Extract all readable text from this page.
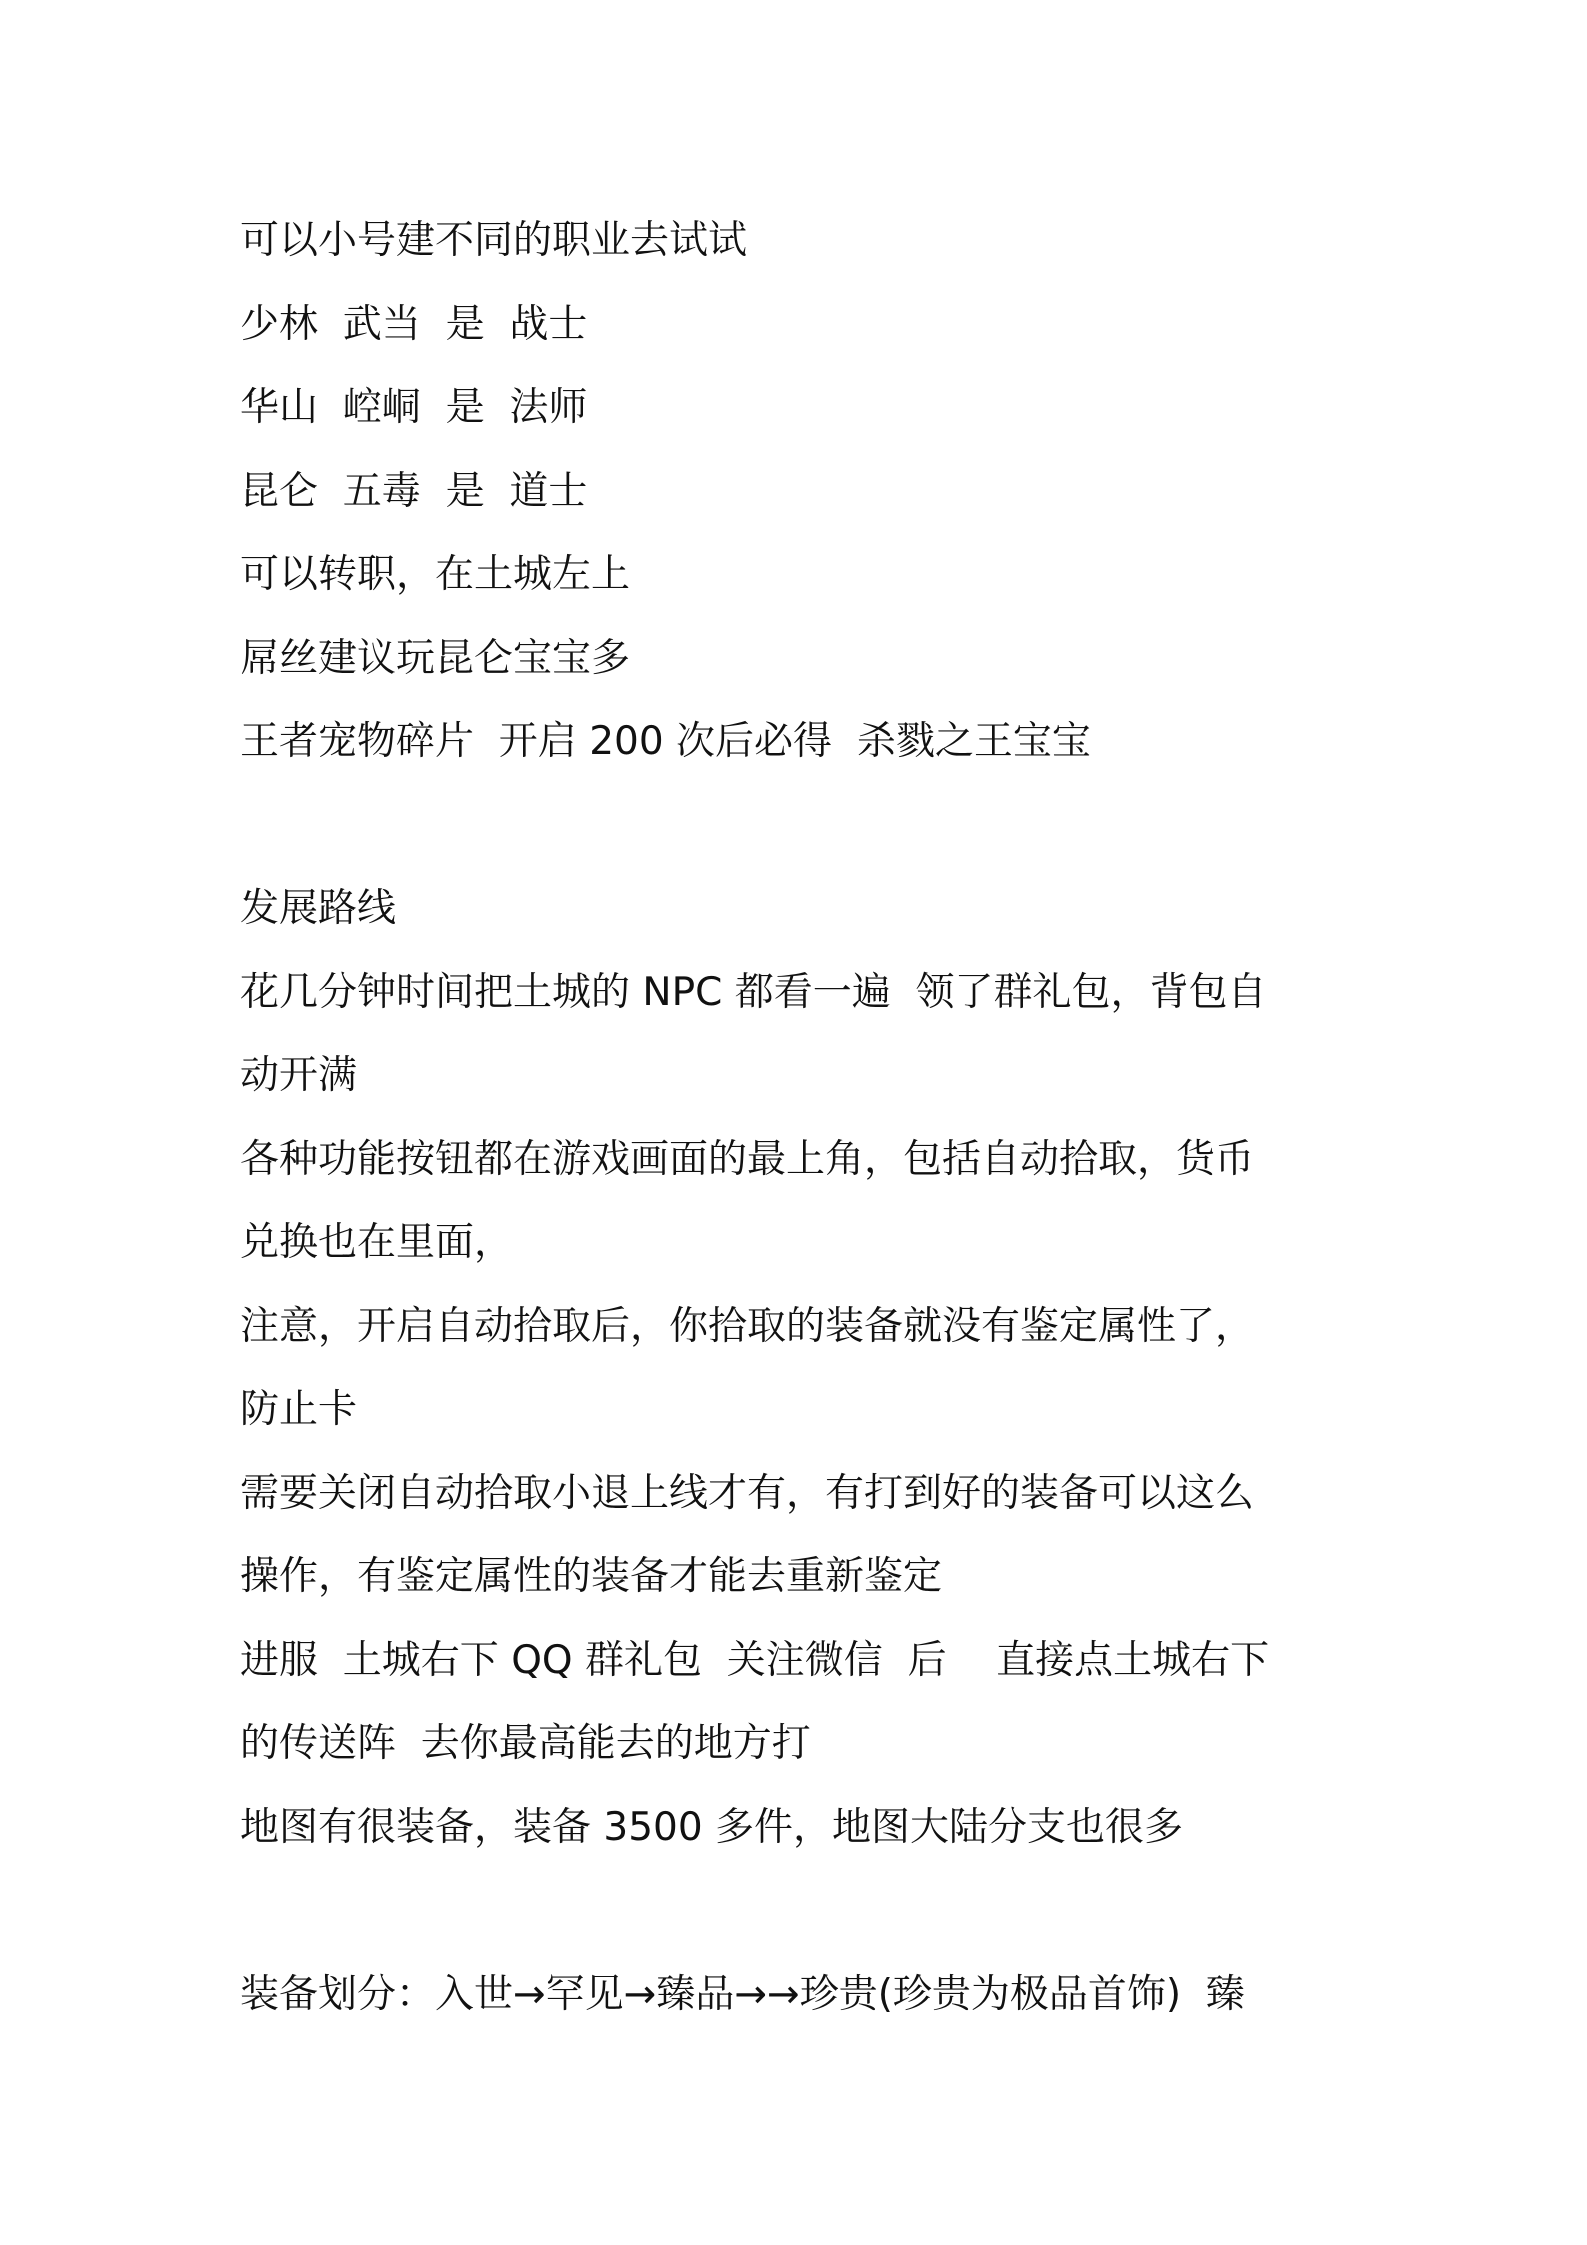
可以小号建不同的职业去试试
少林  武当  是  战士
华山  崆峒  是  法师
昆仑  五毒  是  道士
可以转职，在土城左上
屌丝建议玩昆仑宝宝多
王者宠物碎片  开启 200 次后必得  杀戮之王宝宝
发展路线
花几分钟时间把土城的 NPC 都看一遍  领了群礼包，背包自
动开满
各种功能按钮都在游戏画面的最上角，包括自动拾取，货币
兑换也在里面，
注意，开启自动拾取后，你拾取的装备就没有鉴定属性了，
防止卡
需要关闭自动拾取小退上线才有，有打到好的装备可以这么
操作，有鉴定属性的装备才能去重新鉴定
进服  土城右下 QQ 群礼包  关注微信  后    直接点土城右下
的传送阵  去你最高能去的地方打
地图有很装备，装备 3500 多件，地图大陆分支也很多
装备划分：入世→罕见→臻品→→珍贵(珍贵为极品首饰)  臻
